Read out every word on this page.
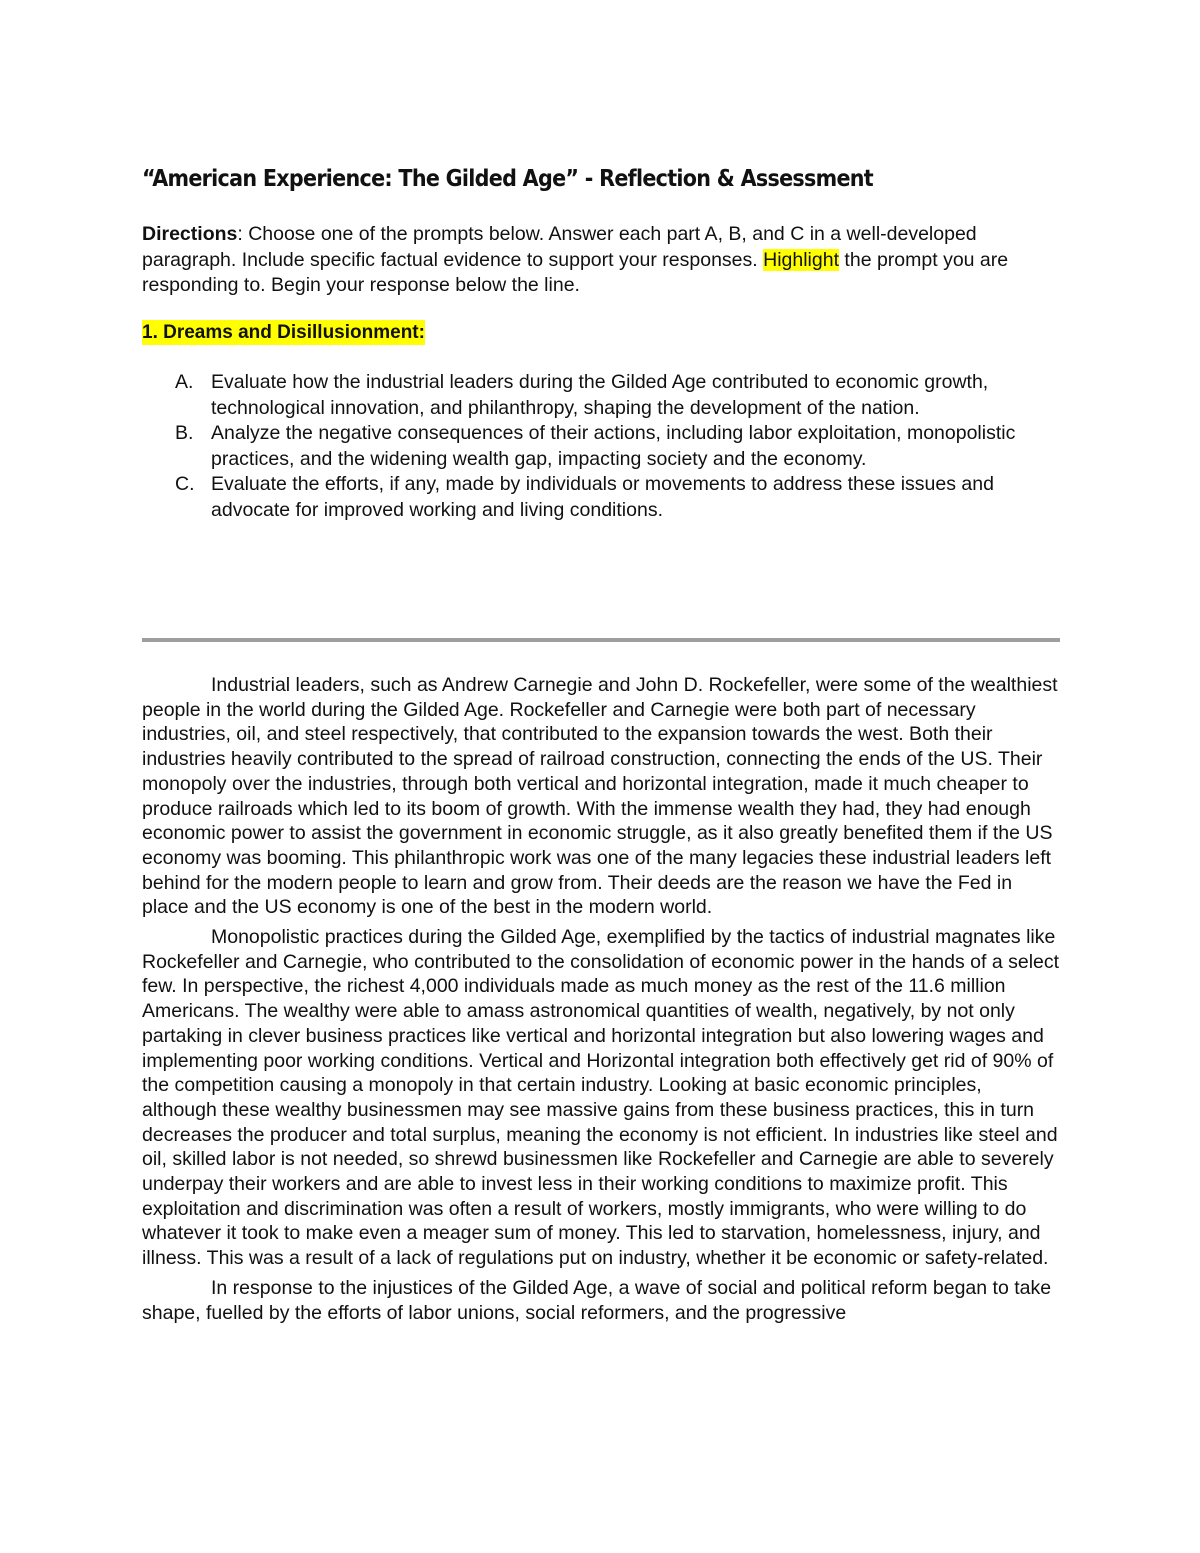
“American Experience: The Gilded Age” - Reflection & Assessment

Directions: Choose one of the prompts below. Answer each part A, B, and C in a well-developed paragraph. Include specific factual evidence to support your responses. Highlight the prompt you are responding to. Begin your response below the line.

1. Dreams and Disillusionment:

A. Evaluate how the industrial leaders during the Gilded Age contributed to economic growth, technological innovation, and philanthropy, shaping the development of the nation.
B. Analyze the negative consequences of their actions, including labor exploitation, monopolistic practices, and the widening wealth gap, impacting society and the economy.
C. Evaluate the efforts, if any, made by individuals or movements to address these issues and advocate for improved working and living conditions.

Industrial leaders, such as Andrew Carnegie and John D. Rockefeller, were some of the wealthiest people in the world during the Gilded Age. Rockefeller and Carnegie were both part of necessary industries, oil, and steel respectively, that contributed to the expansion towards the west. Both their industries heavily contributed to the spread of railroad construction, connecting the ends of the US. Their monopoly over the industries, through both vertical and horizontal integration, made it much cheaper to produce railroads which led to its boom of growth. With the immense wealth they had, they had enough economic power to assist the government in economic struggle, as it also greatly benefited them if the US economy was booming. This philanthropic work was one of the many legacies these industrial leaders left behind for the modern people to learn and grow from. Their deeds are the reason we have the Fed in place and the US economy is one of the best in the modern world.

Monopolistic practices during the Gilded Age, exemplified by the tactics of industrial magnates like Rockefeller and Carnegie, who contributed to the consolidation of economic power in the hands of a select few. In perspective, the richest 4,000 individuals made as much money as the rest of the 11.6 million Americans. The wealthy were able to amass astronomical quantities of wealth, negatively, by not only partaking in clever business practices like vertical and horizontal integration but also lowering wages and implementing poor working conditions. Vertical and Horizontal integration both effectively get rid of 90% of the competition causing a monopoly in that certain industry. Looking at basic economic principles, although these wealthy businessmen may see massive gains from these business practices, this in turn decreases the producer and total surplus, meaning the economy is not efficient. In industries like steel and oil, skilled labor is not needed, so shrewd businessmen like Rockefeller and Carnegie are able to severely underpay their workers and are able to invest less in their working conditions to maximize profit. This exploitation and discrimination was often a result of workers, mostly immigrants, who were willing to do whatever it took to make even a meager sum of money. This led to starvation, homelessness, injury, and illness. This was a result of a lack of regulations put on industry, whether it be economic or safety-related.

In response to the injustices of the Gilded Age, a wave of social and political reform began to take shape, fuelled by the efforts of labor unions, social reformers, and the progressive
